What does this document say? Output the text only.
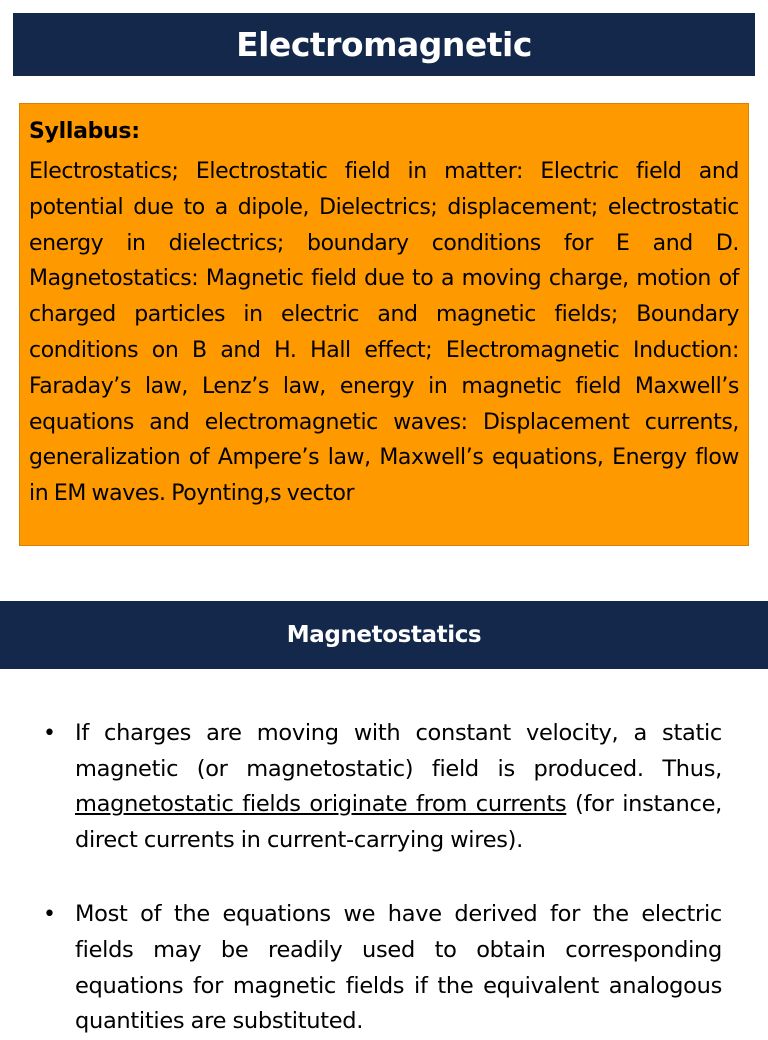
Electromagnetic

Syllabus:

Electrostatics; Electrostatic field in matter: Electric field and potential due to a dipole, Dielectrics; displacement; electrostatic energy in dielectrics; boundary conditions for E and D. Magnetostatics: Magnetic field due to a moving charge, motion of charged particles in electric and magnetic fields; Boundary conditions on B and H. Hall effect; Electromagnetic Induction: Faraday’s law, Lenz’s law, energy in magnetic field Maxwell’s equations and electromagnetic waves: Displacement currents, generalization of Ampere’s law, Maxwell’s equations, Energy flow in EM waves. Poynting,s vector

Magnetostatics
• If charges are moving with constant velocity, a static magnetic (or magnetostatic) field is produced. Thus, magnetostatic fields originate from currents (for instance, direct currents in current-carrying wires).
• Most of the equations we have derived for the electric fields may be readily used to obtain corresponding equations for magnetic fields if the equivalent analogous quantities are substituted.
